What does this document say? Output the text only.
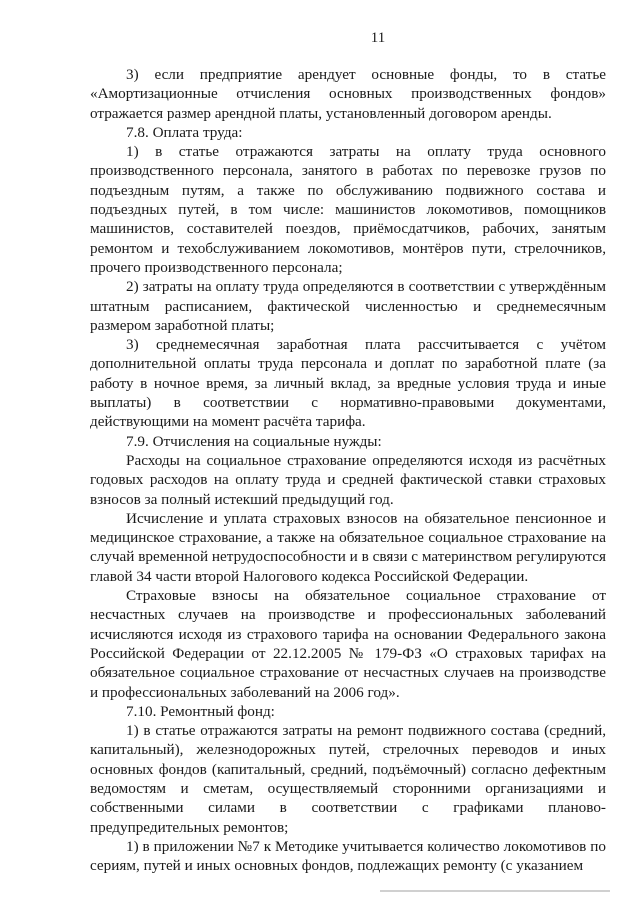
11

3) если предприятие арендует основные фонды, то в статье «Амортизационные отчисления основных производственных фондов» отражается размер арендной платы, установленный договором аренды.

7.8. Оплата труда:

1) в статье отражаются затраты на оплату труда основного производственного персонала, занятого в работах по перевозке грузов по подъездным путям, а также по обслуживанию подвижного состава и подъездных путей, в том числе: машинистов локомотивов, помощников машинистов, составителей поездов, приёмосдатчиков, рабочих, занятым ремонтом и техобслуживанием локомотивов, монтёров пути, стрелочников, прочего производственного персонала;

2) затраты на оплату труда определяются в соответствии с утверждённым штатным расписанием, фактической численностью и среднемесячным размером заработной платы;

3) среднемесячная заработная плата рассчитывается с учётом дополнительной оплаты труда персонала и доплат по заработной плате (за работу в ночное время, за личный вклад, за вредные условия труда и иные выплаты) в соответствии с нормативно-правовыми документами, действующими на момент расчёта тарифа.

7.9. Отчисления на социальные нужды:

Расходы на социальное страхование определяются исходя из расчётных годовых расходов на оплату труда и средней фактической ставки страховых взносов за полный истекший предыдущий год.

Исчисление и уплата страховых взносов на обязательное пенсионное и медицинское страхование, а также на обязательное социальное страхование на случай временной нетрудоспособности и в связи с материнством регулируются главой 34 части второй Налогового кодекса Российской Федерации.

Страховые взносы на обязательное социальное страхование от несчастных случаев на производстве и профессиональных заболеваний исчисляются исходя из страхового тарифа на основании Федерального закона Российской Федерации от 22.12.2005 № 179-ФЗ «О страховых тарифах на обязательное социальное страхование от несчастных случаев на производстве и профессиональных заболеваний на 2006 год».

7.10. Ремонтный фонд:

1) в статье отражаются затраты на ремонт подвижного состава (средний, капитальный), железнодорожных путей, стрелочных переводов и иных основных фондов (капитальный, средний, подъёмочный) согласно дефектным ведомостям и сметам, осуществляемый сторонними организациями и собственными силами в соответствии с графиками планово-предупредительных ремонтов;

1) в приложении №7 к Методике учитывается количество локомотивов по сериям, путей и иных основных фондов, подлежащих ремонту (с указанием
